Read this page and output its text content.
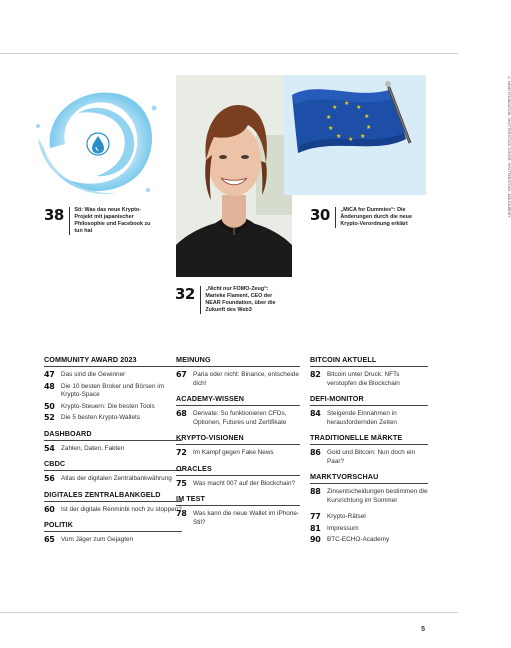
★
★
★
★
★
★
★
★
★
★	© NEAR FOUNDATION, SHUTTERSTOCK COVER: SHUTTERSTOCK, MIDJOURNEY
38 Sti: Was das neue Krypto-Projekt mit japanischer Philosophie und Facebook zu tun hat
32 „Nicht nur FOMO-Zeug“: Marieke Flament, CEO der NEAR Foundation, über die Zukunft des Web3
30 „MiCA for Dummies“: Die Änderungen durch die neue Krypto-Verordnung erklärt
COMMUNITY AWARD 2023
47	Das sind die Gewinner
48	Die 10 besten Broker und Börsen im Krypto-Space
50	Krypto-Steuern: Die besten Tools
52	Die 5 besten Krypto-Wallets
DASHBOARD
54	Zahlen, Daten, Fakten
CBDC
56	Atlas der digitalen Zentralbankwährung
DIGITALES ZENTRALBANKGELD
60	Ist der digitale Renminbi noch zu stoppen?
POLITIK
65	Vom Jäger zum Gejagten
MEINUNG
67	Paria oder nicht: Binance, entscheide dich!
ACADEMY-WISSEN
68	Derivate: So funktionieren CFDs, Optionen, Futures und Zertifikate
KRYPTO-VISIONEN
72	Im Kampf gegen Fake News
ORACLES
75	Was macht 007 auf der Blockchain?
IM TEST
78	Was kann die neue Wallet im iPhone-Stil?
BITCOIN AKTUELL
82	Bitcoin unter Druck: NFTs verstopfen die Blockchain
DEFI-MONITOR
84	Steigende Einnahmen in herausfordernden Zeiten
TRADITIONELLE MÄRKTE
86	Gold und Bitcoin: Nun doch ein Paar?
MARKTVORSCHAU
88	Zinsentscheidungen bestimmen die Kursrichtung im Sommer
77	Krypto-Rätsel
81	Impressum
90	BTC-ECHO-Academy
5
